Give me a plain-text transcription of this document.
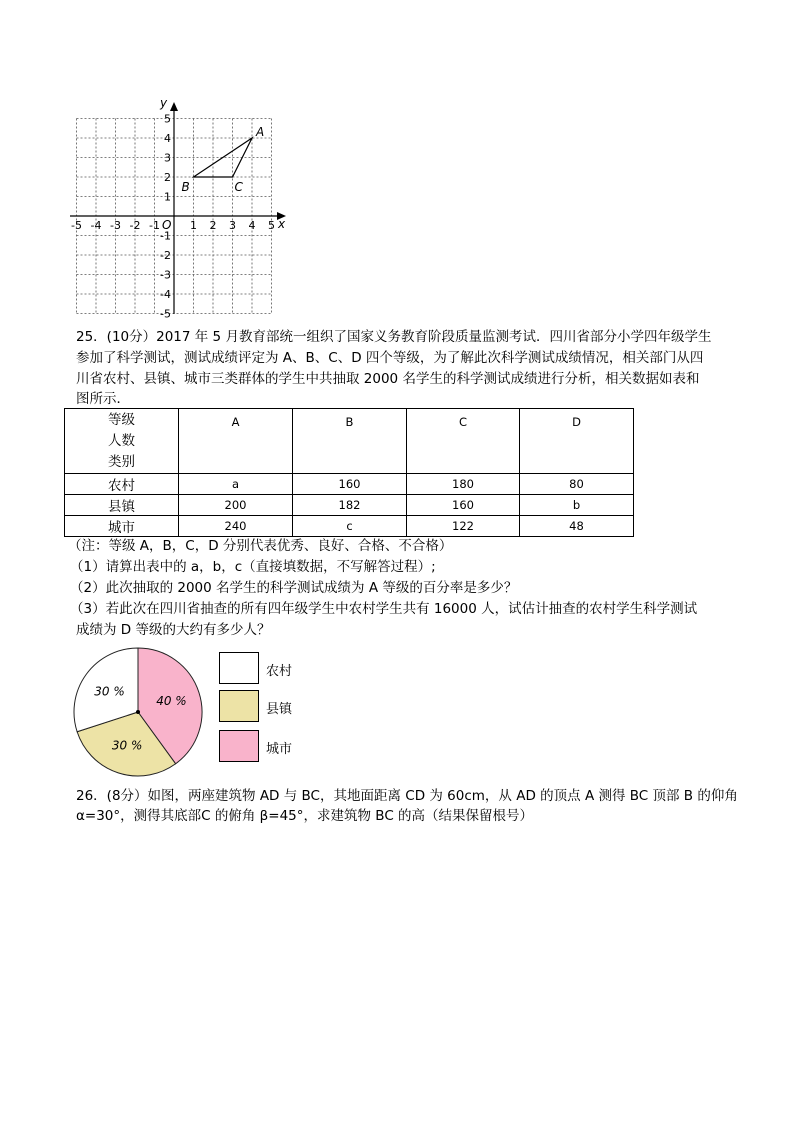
-5 -4 -3 -2 -1	1 2 3 4 5
5
4
3
2
1
-1
-2
-3
-4
-5
x
y
O
A
B	C
25．(10分）2017 年 5 月教育部统一组织了国家义务教育阶段质量监测考试．四川省部分小学四年级学生
参加了科学测试，测试成绩评定为 A、B、C、D 四个等级，为了解此次科学测试成绩情况，相关部门从四
川省农村、县镇、城市三类群体的学生中共抽取 2000 名学生的科学测试成绩进行分析，相关数据如表和
图所示．
等级
人数
类别	A	B	C	D
农村	a	160	180	80
县镇	200	182	160	b
城市	240	c	122	48
（注：等级 A，B，C，D 分别代表优秀、良好、合格、不合格）
（1）请算出表中的 a，b，c（直接填数据，不写解答过程）;
（2）此次抽取的 2000 名学生的科学测试成绩为 A 等级的百分率是多少？
（3）若此次在四川省抽查的所有四年级学生中农村学生共有 16000 人，试估计抽查的农村学生科学测试
成绩为 D 等级的大约有多少人？
40 %
30 %
30 %
农村
县镇
城市
26．(8分）如图，两座建筑物 AD 与 BC，其地面距离 CD 为 60cm，从 AD 的顶点 A 测得 BC 顶部 B 的仰角
α=30°，测得其底部C 的俯角 β=45°，求建筑物 BC 的高（结果保留根号）
